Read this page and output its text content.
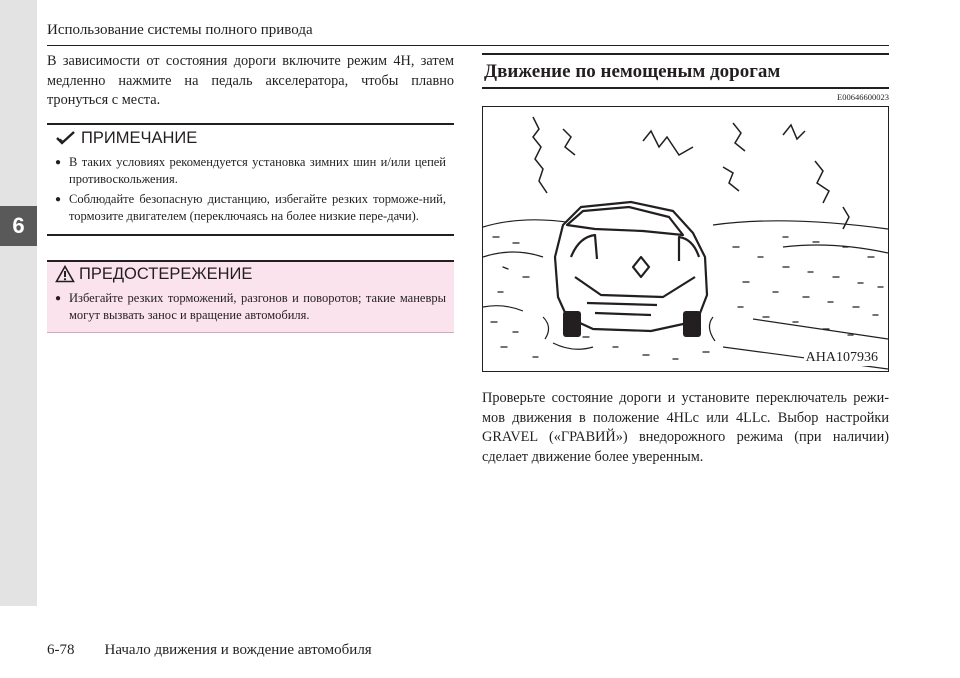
6
Использование системы полного привода

В зависимости от состояния дороги включите режим 4H, затем медленно нажмите на педаль акселератора, чтобы плавно тронуться с места.

ПРИМЕЧАНИЕ
● В таких условиях рекомендуется установка зимних шин и/или цепей противоскольжения.
● Соблюдайте безопасную дистанцию, избегайте резких торможе-ний, тормозите двигателем (переключаясь на более низкие пере-дачи).
ПРЕДОСТЕРЕЖЕНИЕ
● Избегайте резких торможений, разгонов и поворотов; такие маневры могут вызвать занос и вращение автомобиля.
Движение по немощеным дорогам
E00646600023
AHA107936

Проверьте состояние дороги и установите переключатель режи-мов движения в положение 4HLc или 4LLc. Выбор настройки GRAVEL («ГРАВИЙ») внедорожного режима (при наличии) сделает движение более уверенным.

6-78 Начало движения и вождение автомобиля
